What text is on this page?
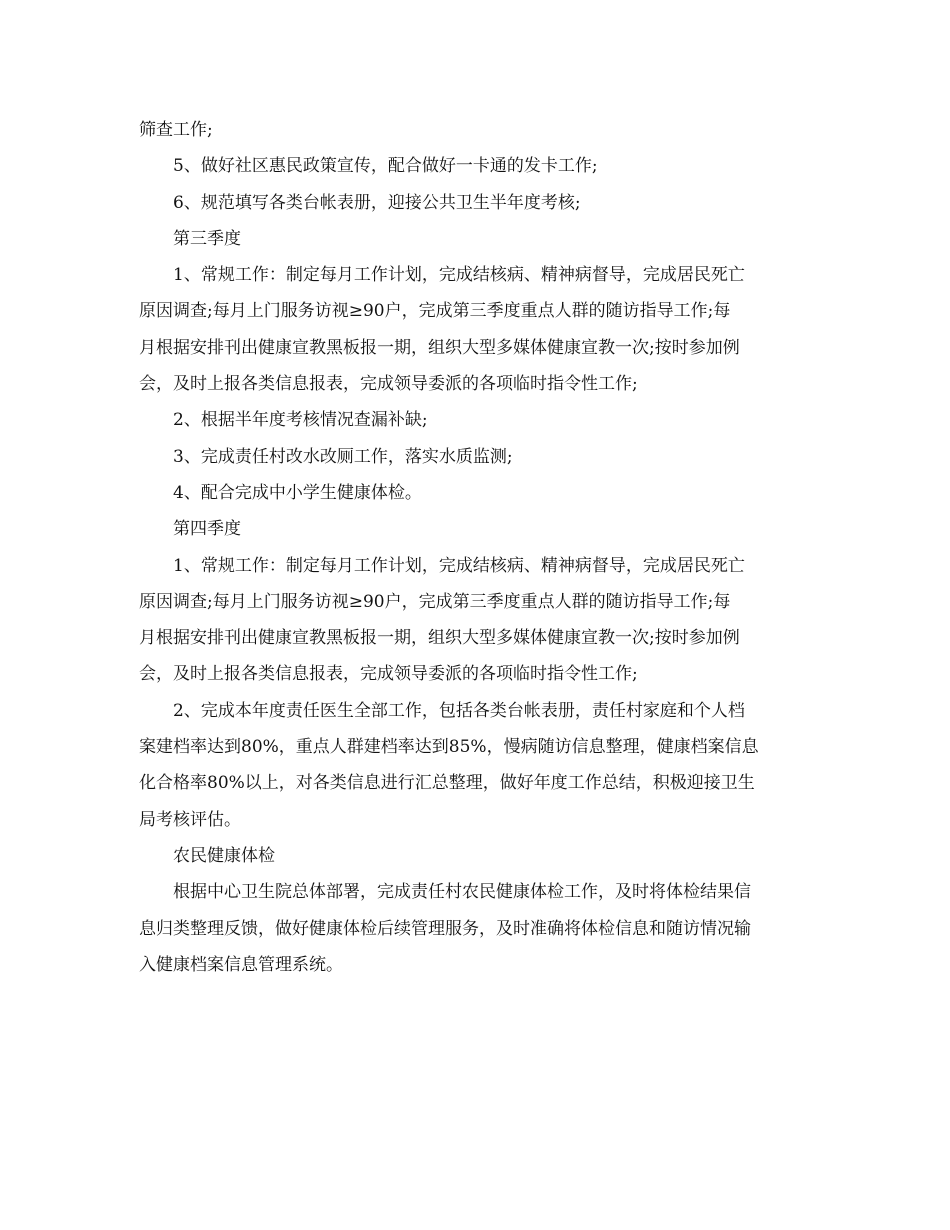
筛查工作;
5、做好社区惠民政策宣传，配合做好一卡通的发卡工作;
6、规范填写各类台帐表册，迎接公共卫生半年度考核;
第三季度
1、常规工作：制定每月工作计划，完成结核病、精神病督导，完成居民死亡
原因调查;每月上门服务访视≥90户，完成第三季度重点人群的随访指导工作;每
月根据安排刊出健康宣教黑板报一期，组织大型多媒体健康宣教一次;按时参加例
会，及时上报各类信息报表，完成领导委派的各项临时指令性工作;
2、根据半年度考核情况查漏补缺;
3、完成责任村改水改厕工作，落实水质监测;
4、配合完成中小学生健康体检。
第四季度
1、常规工作：制定每月工作计划，完成结核病、精神病督导，完成居民死亡
原因调查;每月上门服务访视≥90户，完成第三季度重点人群的随访指导工作;每
月根据安排刊出健康宣教黑板报一期，组织大型多媒体健康宣教一次;按时参加例
会，及时上报各类信息报表，完成领导委派的各项临时指令性工作;
2、完成本年度责任医生全部工作，包括各类台帐表册，责任村家庭和个人档
案建档率达到80%，重点人群建档率达到85%，慢病随访信息整理，健康档案信息
化合格率80%以上，对各类信息进行汇总整理，做好年度工作总结，积极迎接卫生
局考核评估。
农民健康体检
根据中心卫生院总体部署，完成责任村农民健康体检工作，及时将体检结果信
息归类整理反馈，做好健康体检后续管理服务，及时准确将体检信息和随访情况输
入健康档案信息管理系统。
